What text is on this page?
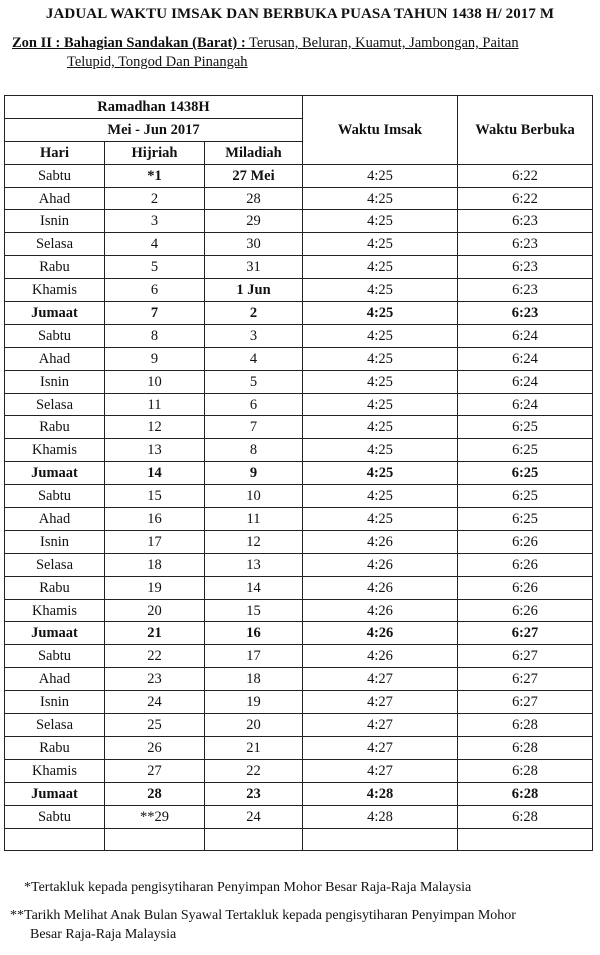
JADUAL WAKTU IMSAK DAN BERBUKA PUASA TAHUN 1438 H/ 2017 M
Zon II : Bahagian Sandakan (Barat) : Terusan, Beluran, Kuamut, Jambongan, Paitan
Telupid, Tongod Dan Pinangah
Ramadhan 1438H			Waktu Imsak	Waktu Berbuka
Mei - Jun 2017				
Hari	Hijriah	Miladiah		
Sabtu	*1	27 Mei	4:25	6:22
Ahad	2	28	4:25	6:22
Isnin	3	29	4:25	6:23
Selasa	4	30	4:25	6:23
Rabu	5	31	4:25	6:23
Khamis	6	1 Jun	4:25	6:23
Jumaat	7	2	4:25	6:23
Sabtu	8	3	4:25	6:24
Ahad	9	4	4:25	6:24
Isnin	10	5	4:25	6:24
Selasa	11	6	4:25	6:24
Rabu	12	7	4:25	6:25
Khamis	13	8	4:25	6:25
Jumaat	14	9	4:25	6:25
Sabtu	15	10	4:25	6:25
Ahad	16	11	4:25	6:25
Isnin	17	12	4:26	6:26
Selasa	18	13	4:26	6:26
Rabu	19	14	4:26	6:26
Khamis	20	15	4:26	6:26
Jumaat	21	16	4:26	6:27
Sabtu	22	17	4:26	6:27
Ahad	23	18	4:27	6:27
Isnin	24	19	4:27	6:27
Selasa	25	20	4:27	6:28
Rabu	26	21	4:27	6:28
Khamis	27	22	4:27	6:28
Jumaat	28	23	4:28	6:28
Sabtu	**29	24	4:28	6:28

*Tertakluk kepada pengisytiharan Penyimpan Mohor Besar Raja-Raja Malaysia
**Tarikh Melihat Anak Bulan Syawal Tertakluk kepada pengisytiharan Penyimpan Mohor
Besar Raja-Raja Malaysia
